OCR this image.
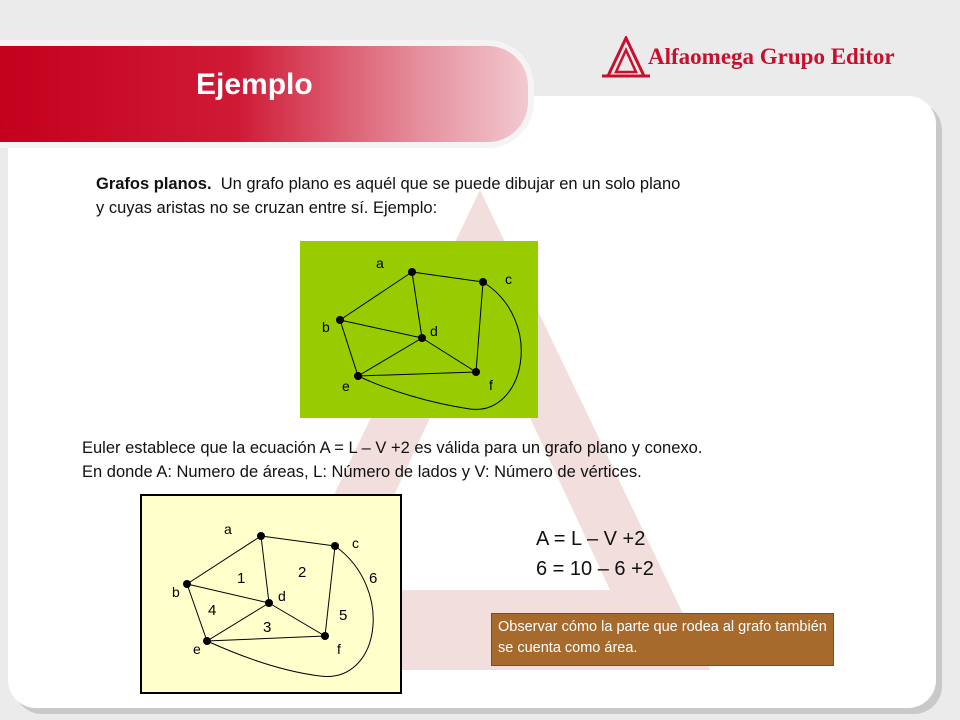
Ejemplo

Alfaomega Grupo Editor

Grafos planos. Un grafo plano es aquél que se puede dibujar en un solo plano
y cuyas aristas no se cruzan entre sí. Ejemplo:

a
c
b	d
e	f

Euler establece que la ecuación A = L – V +2 es válida para un grafo plano y conexo.
En donde A: Numero de áreas, L: Número de lados y V: Número de vértices.

a
c
b	d
e	f
1	2
3
4	5
6

A = L – V +2
6 = 10 – 6 +2

Observar cómo la parte que rodea al grafo también se cuenta como área.
